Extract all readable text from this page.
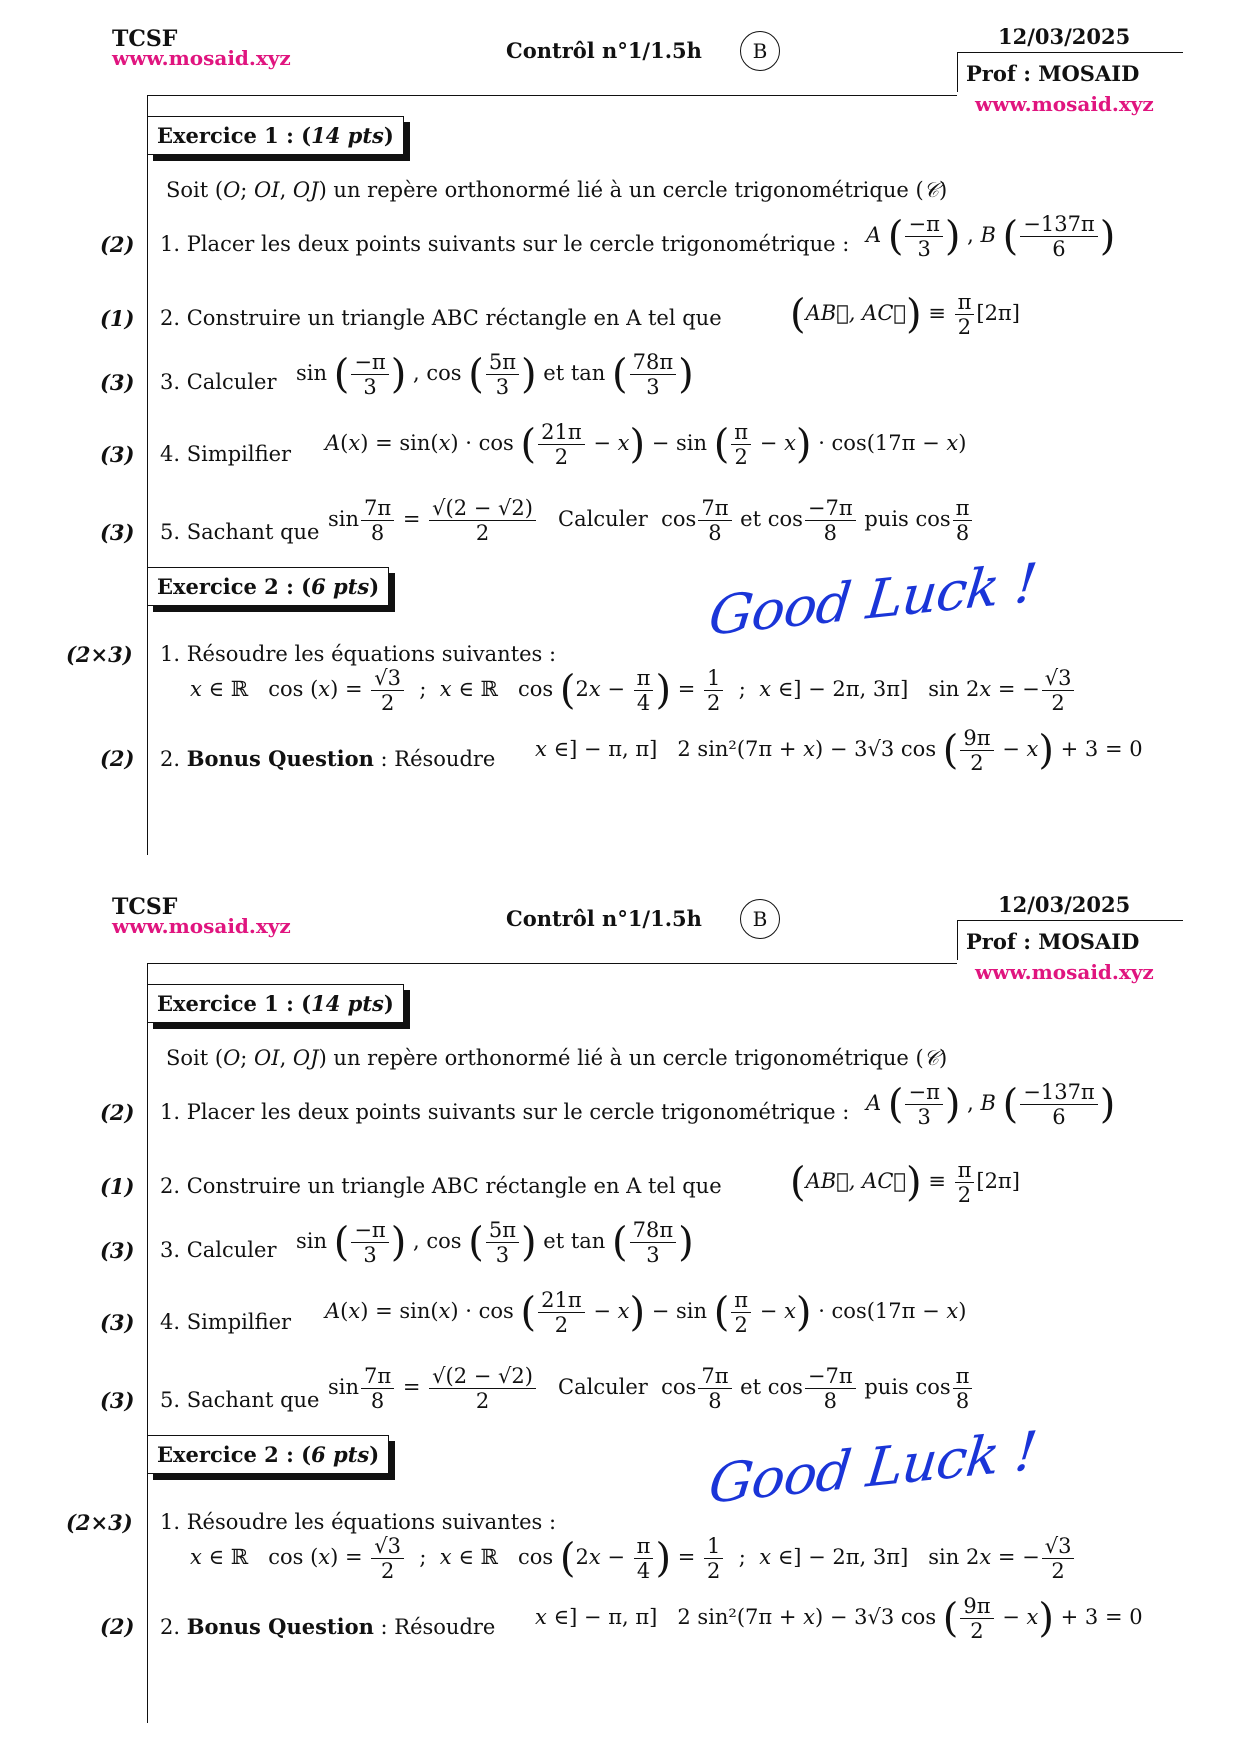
TCSF
www.mosaid.xyz	Contrôl n°1/1.5h	B
12/03/2025
Prof : MOSAID
www.mosaid.xyz
Exercice 1 : (14 pts)
Soit (O; OI, OJ) un repère orthonormé lié à un cercle trigonométrique (𝒞)
(2) 1. Placer les deux points suivants sur le cercle trigonométrique : A ( $\frac{-\pi}{3}$ ) , B ( $\frac{-137\pi}{6}$ )
(1) 2. Construire un triangle ABC réctangle en A tel que (AB⃗, AC⃗) ≡ $\frac{\pi}{2} [2\pi]$
(3) 3. Calculer sin ( $\frac{-\pi}{3}$ ) , cos ( $\frac{5\pi}{3}$ ) et tan ( $\frac{78\pi}{3}$ )
(3) 4. Simpilfier A(x) = sin(x) · cos ( $\frac{21\pi}{2} - x) - \sin$ ( $\frac{\pi}{2} - x) \cdot \cos(17\pi - x)$
(3) 5. Sachant que
$\sin \frac{7\pi}{8} = \frac{√(2 - √2)}{2}$ Calculer  $\cos \frac{7\pi}{8}$ et $\cos \frac{-7\pi}{8}$ puis $\cos \frac{\pi}{8}$
Exercice 2 : (6 pts)	Good Luck !
(2×3) 1. Résoudre les équations suivantes :
x ∈ ℝ   $\cos (x) = \frac{√3}{2}$ ;  x ∈ ℝ   $\cos (2x - \frac{\pi}{4}$ ) = $\frac{1}{2}$ ;  x ∈] − 2π, 3π]   sin 2x = − $\frac{√3}{2}$
(2) 2. Bonus Question : Résoudre x ∈] − π, π]   2 sin²(7π + x) − 3√3 cos ( $\frac{9\pi}{2} - x) + 3 = 0$
TCSF
www.mosaid.xyz	Contrôl n°1/1.5h	B
12/03/2025
Prof : MOSAID
www.mosaid.xyz
Exercice 1 : (14 pts)
Soit (O; OI, OJ) un repère orthonormé lié à un cercle trigonométrique (𝒞)
(2) 1. Placer les deux points suivants sur le cercle trigonométrique : A ( $\frac{-\pi}{3}$ ) , B ( $\frac{-137\pi}{6}$ )
(1) 2. Construire un triangle ABC réctangle en A tel que (AB⃗, AC⃗) ≡ $\frac{\pi}{2} [2\pi]$
(3) 3. Calculer sin ( $\frac{-\pi}{3}$ ) , cos ( $\frac{5\pi}{3}$ ) et tan ( $\frac{78\pi}{3}$ )
(3) 4. Simpilfier A(x) = sin(x) · cos ( $\frac{21\pi}{2} - x) - \sin$ ( $\frac{\pi}{2} - x) \cdot \cos(17\pi - x)$
(3) 5. Sachant que
$\sin \frac{7\pi}{8} = \frac{√(2 - √2)}{2}$ Calculer  $\cos \frac{7\pi}{8}$ et $\cos \frac{-7\pi}{8}$ puis $\cos \frac{\pi}{8}$
Exercice 2 : (6 pts)	Good Luck !
(2×3) 1. Résoudre les équations suivantes :
x ∈ ℝ   $\cos (x) = \frac{√3}{2}$ ;  x ∈ ℝ   $\cos (2x - \frac{\pi}{4}$ ) = $\frac{1}{2}$ ;  x ∈] − 2π, 3π]   sin 2x = − $\frac{√3}{2}$
(2) 2. Bonus Question : Résoudre x ∈] − π, π]   2 sin²(7π + x) − 3√3 cos ( $\frac{9\pi}{2} - x) + 3 = 0$
